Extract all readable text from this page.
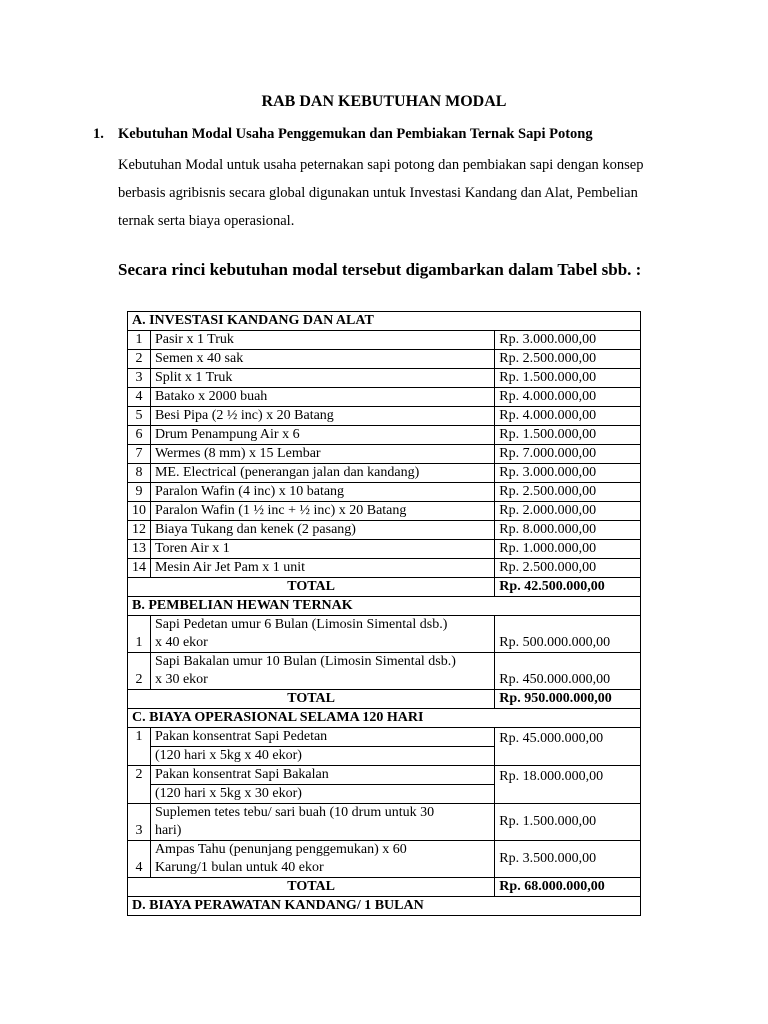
RAB DAN KEBUTUHAN MODAL
1. Kebutuhan Modal Usaha Penggemukan dan Pembiakan Ternak Sapi Potong

Kebutuhan Modal untuk usaha peternakan sapi potong dan pembiakan sapi dengan konsep

berbasis agribisnis secara global digunakan untuk Investasi Kandang dan Alat, Pembelian

ternak serta biaya operasional.

Secara rinci kebutuhan modal tersebut digambarkan dalam Tabel sbb. :
A. INVESTASI KANDANG DAN ALAT		
1	Pasir x 1 Truk	Rp. 3.000.000,00
2	Semen x 40 sak	Rp. 2.500.000,00
3	Split x 1 Truk	Rp. 1.500.000,00
4	Batako x 2000 buah	Rp. 4.000.000,00
5	Besi Pipa (2 ½ inc) x 20 Batang	Rp. 4.000.000,00
6	Drum Penampung Air x 6	Rp. 1.500.000,00
7	Wermes (8 mm) x 15 Lembar	Rp. 7.000.000,00
8	ME. Electrical (penerangan jalan dan kandang)	Rp. 3.000.000,00
9	Paralon Wafin (4 inc) x 10 batang	Rp. 2.500.000,00
10	Paralon Wafin (1 ½ inc + ½ inc) x 20 Batang	Rp. 2.000.000,00
12	Biaya Tukang dan kenek (2 pasang)	Rp. 8.000.000,00
13	Toren Air x 1	Rp. 1.000.000,00
14	Mesin Air Jet Pam x 1 unit	Rp. 2.500.000,00
TOTAL		Rp. 42.500.000,00
B. PEMBELIAN HEWAN TERNAK		
1	Sapi Pedetan umur 6 Bulan (Limosin Simental dsb.)
x 40 ekor	Rp. 500.000.000,00
2	Sapi Bakalan umur 10 Bulan (Limosin Simental dsb.)
x 30 ekor	Rp. 450.000.000,00
TOTAL		Rp. 950.000.000,00
C. BIAYA OPERASIONAL SELAMA 120 HARI		
1	Pakan konsentrat Sapi Pedetan	Rp. 45.000.000,00
	(120 hari x 5kg x 40 ekor)	
2	Pakan konsentrat Sapi Bakalan	Rp. 18.000.000,00
	(120 hari x 5kg x 30 ekor)	
3	Suplemen tetes tebu/ sari buah (10 drum untuk 30
hari)	Rp. 1.500.000,00
4	Ampas Tahu (penunjang penggemukan) x 60
Karung/1 bulan untuk 40 ekor	Rp. 3.500.000,00
TOTAL		Rp. 68.000.000,00
D. BIAYA PERAWATAN KANDANG/ 1 BULAN		
